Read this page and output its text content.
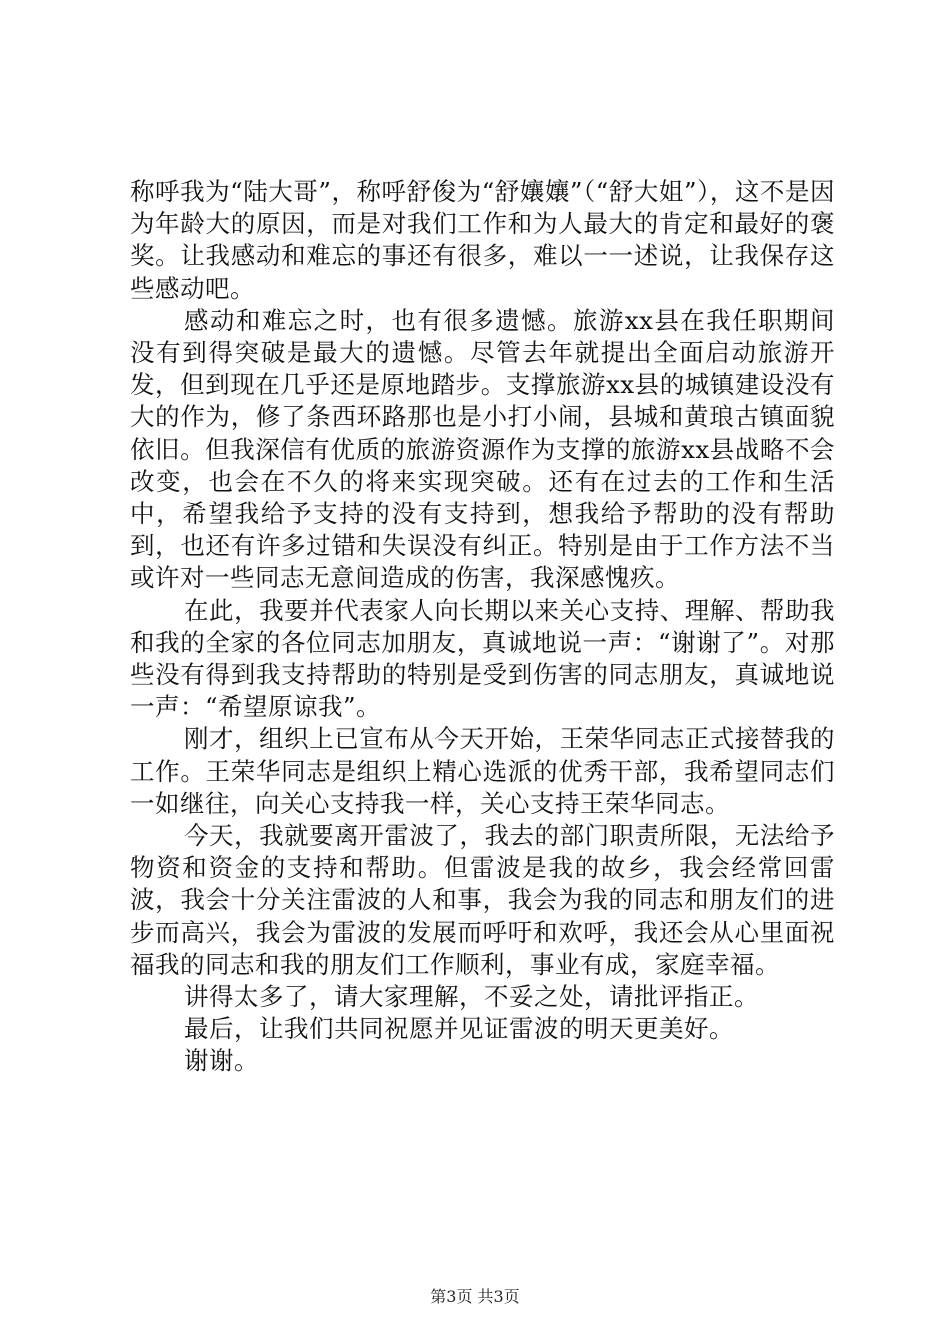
称呼我为“陆大哥”，称呼舒俊为“舒孃孃”（“舒大姐”），这不是因为年龄大的原因，而是对我们工作和为人最大的肯定和最好的褒奖。让我感动和难忘的事还有很多，难以一一述说，让我保存这些感动吧。

感动和难忘之时，也有很多遗憾。旅游xx县在我任职期间没有到得突破是最大的遗憾。尽管去年就提出全面启动旅游开发，但到现在几乎还是原地踏步。支撑旅游xx县的城镇建设没有大的作为，修了条西环路那也是小打小闹，县城和黄琅古镇面貌依旧。但我深信有优质的旅游资源作为支撑的旅游xx县战略不会改变，也会在不久的将来实现突破。还有在过去的工作和生活中，希望我给予支持的没有支持到，想我给予帮助的没有帮助到，也还有许多过错和失误没有纠正。特别是由于工作方法不当或许对一些同志无意间造成的伤害，我深感愧疚。

在此，我要并代表家人向长期以来关心支持、理解、帮助我和我的全家的各位同志加朋友，真诚地说一声：“谢谢了”。对那些没有得到我支持帮助的特别是受到伤害的同志朋友，真诚地说一声：“希望原谅我”。

刚才，组织上已宣布从今天开始，王荣华同志正式接替我的工作。王荣华同志是组织上精心选派的优秀干部，我希望同志们一如继往，向关心支持我一样，关心支持王荣华同志。

今天，我就要离开雷波了，我去的部门职责所限，无法给予物资和资金的支持和帮助。但雷波是我的故乡，我会经常回雷波，我会十分关注雷波的人和事，我会为我的同志和朋友们的进步而高兴，我会为雷波的发展而呼吁和欢呼，我还会从心里面祝福我的同志和我的朋友们工作顺利，事业有成，家庭幸福。

讲得太多了，请大家理解，不妥之处，请批评指正。

最后，让我们共同祝愿并见证雷波的明天更美好。

谢谢。

第3页 共3页
